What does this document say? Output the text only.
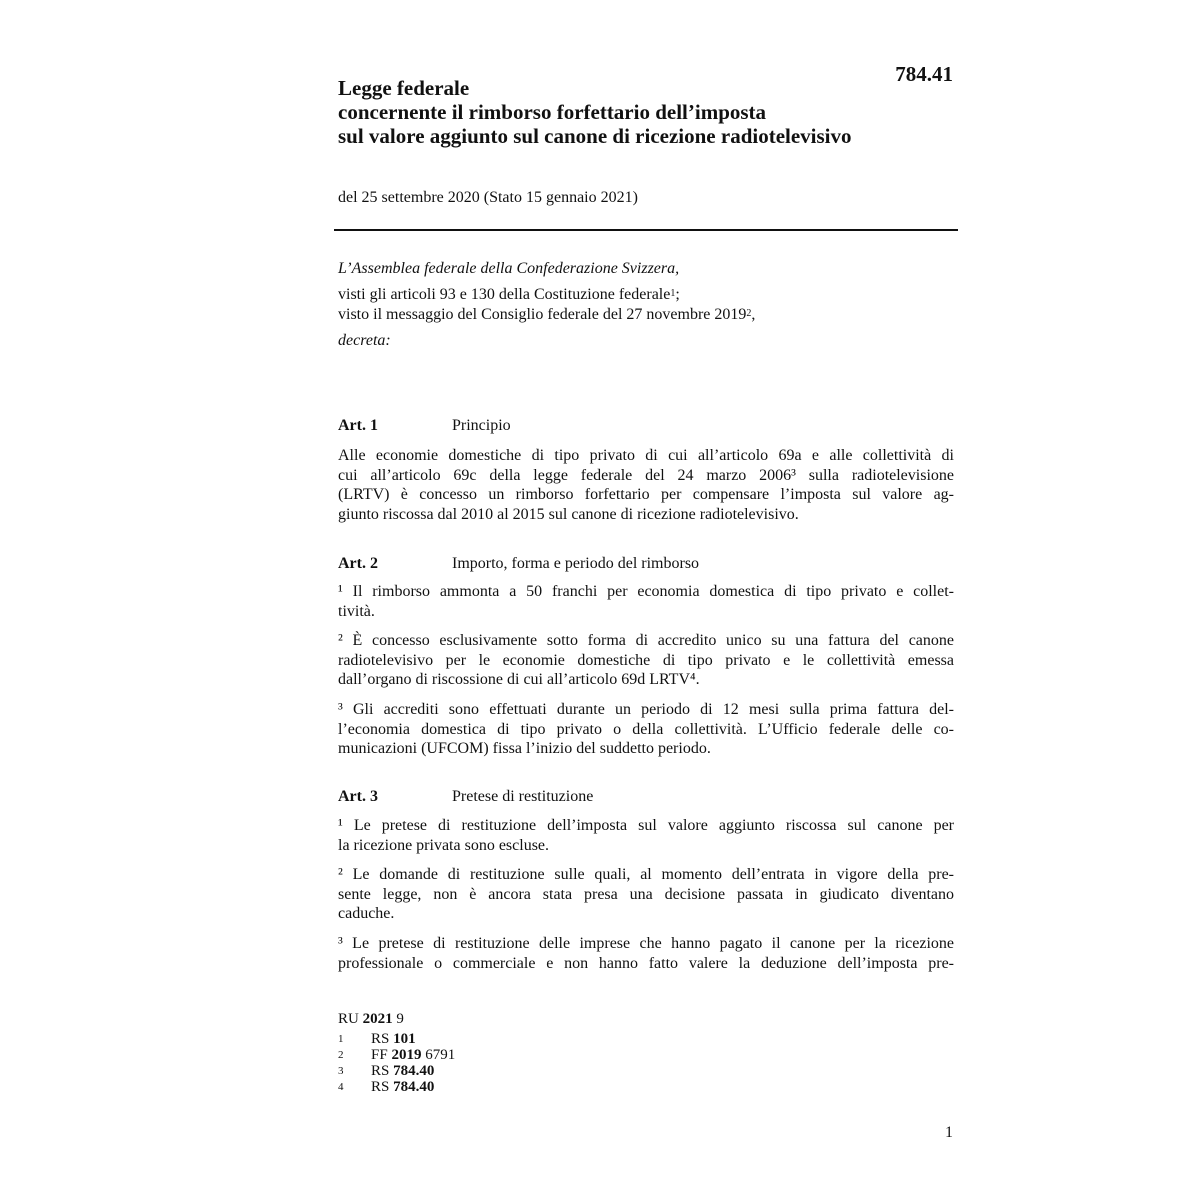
784.41
Legge federale
concernente il rimborso forfettario dell’imposta
sul valore aggiunto sul canone di ricezione radiotelevisivo
del 25 settembre 2020 (Stato 15 gennaio 2021)
L’Assemblea federale della Confederazione Svizzera,
visti gli articoli 93 e 130 della Costituzione federale$^1$;
visto il messaggio del Consiglio federale del 27 novembre 2019$^2$,
decreta:
Art. 1	Principio
Alle economie domestiche di tipo privato di cui all’articolo 69a e alle collettività di
cui all’articolo 69c della legge federale del 24 marzo 2006³ sulla radiotelevisione
(LRTV) è concesso un rimborso forfettario per compensare l’imposta sul valore ag-
giunto riscossa dal 2010 al 2015 sul canone di ricezione radiotelevisivo.
Art. 2	Importo, forma e periodo del rimborso
¹ Il rimborso ammonta a 50 franchi per economia domestica di tipo privato e collet-
tività.
² È concesso esclusivamente sotto forma di accredito unico su una fattura del canone
radiotelevisivo per le economie domestiche di tipo privato e le collettività emessa
dall’organo di riscossione di cui all’articolo 69d LRTV⁴.
³ Gli accrediti sono effettuati durante un periodo di 12 mesi sulla prima fattura del-
l’economia domestica di tipo privato o della collettività. L’Ufficio federale delle co-
municazioni (UFCOM) fissa l’inizio del suddetto periodo.
Art. 3	Pretese di restituzione
¹ Le pretese di restituzione dell’imposta sul valore aggiunto riscossa sul canone per
la ricezione privata sono escluse.
² Le domande di restituzione sulle quali, al momento dell’entrata in vigore della pre-
sente legge, non è ancora stata presa una decisione passata in giudicato diventano
caduche.
³ Le pretese di restituzione delle imprese che hanno pagato il canone per la ricezione
professionale o commerciale e non hanno fatto valere la deduzione dell’imposta pre-
RU 2021 9
1 RS 101
2 FF 2019 6791
3 RS 784.40
4 RS 784.40
1
